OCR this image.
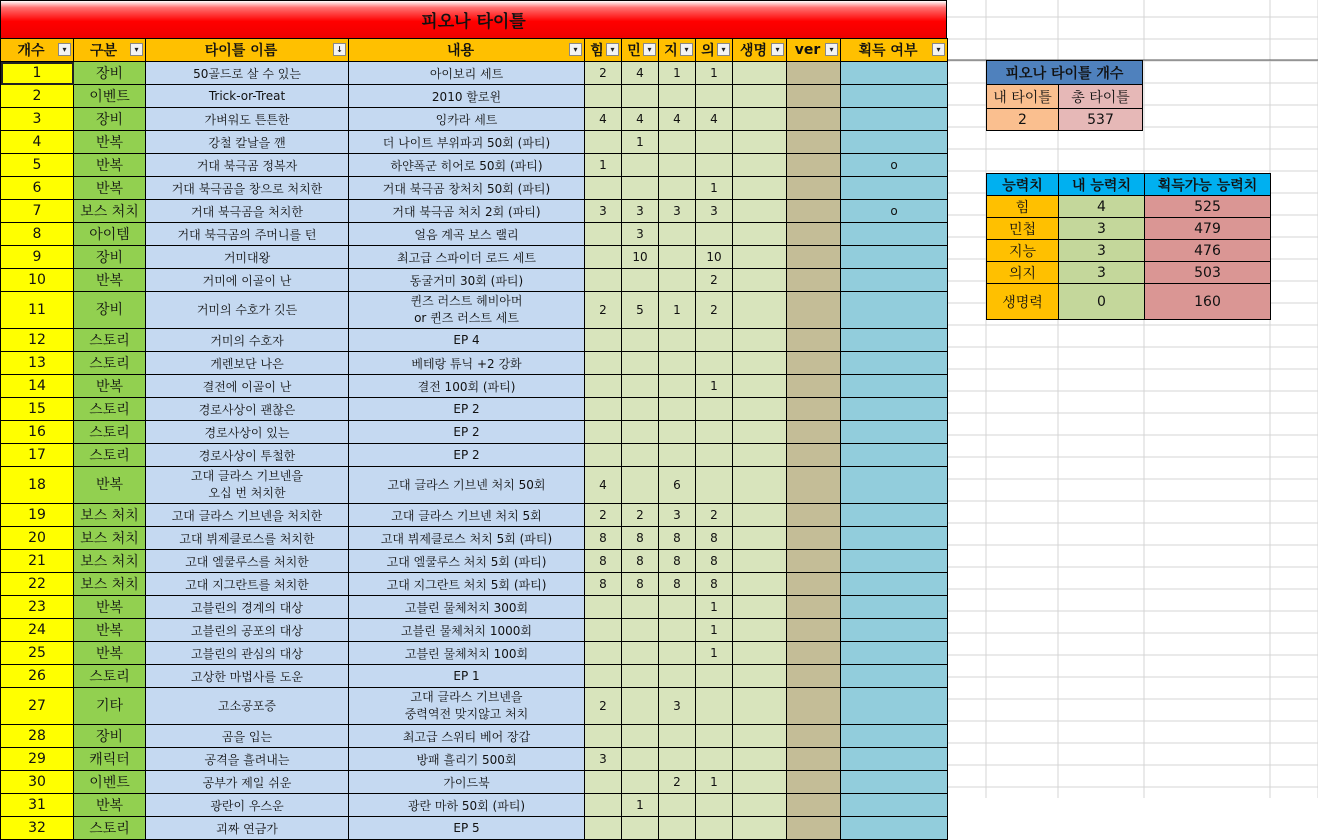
피오나 타이틀
개수 ▾	구분 ▾	타이틀 이름 ↓	내용 ▾	힘 ▾	민 ▾	지 ▾	의 ▾	생명 ▾	ver ▾	획득 여부 ▾

1	장비	50골드로 살 수 있는	아이보리 세트	2	4	1	1			
2	이벤트	Trick-or-Treat	2010 할로윈							
3	장비	가벼워도 튼튼한	잉카라 세트	4	4	4	4			
4	반복	강철 칼날을 깬	더 나이트 부위파괴 50회 (파티)		1					
5	반복	거대 북극곰 정복자	하얀폭군 히어로 50회 (파티)	1						o
6	반복	거대 북극곰을 창으로 처치한	거대 북극곰 창처치 50회 (파티)				1			
7	보스 처치	거대 북극곰을 처치한	거대 북극곰 처치 2회 (파티)	3	3	3	3			o
8	아이템	거대 북극곰의 주머니를 턴	얼음 계곡 보스 랠리		3					
9	장비	거미대왕	최고급 스파이더 로드 세트		10		10			
10	반복	거미에 이골이 난	동굴거미 30회 (파티)				2			
11	장비	거미의 수호가 깃든	퀸즈 러스트 헤비아머
or 퀸즈 러스트 세트	2	5	1	2			
12	스토리	거미의 수호자	EP 4							
13	스토리	게렌보단 나은	베테랑 튜닉 +2 강화							
14	반복	결전에 이골이 난	결전 100회 (파티)				1			
15	스토리	경로사상이 괜찮은	EP 2							
16	스토리	경로사상이 있는	EP 2							
17	스토리	경로사상이 투철한	EP 2							
18	반복	고대 글라스 기브넨을
오십 번 처치한	고대 글라스 기브넨 처치 50회	4		6				
19	보스 처치	고대 글라스 기브넨을 처치한	고대 글라스 기브넨 처치 5회	2	2	3	2			
20	보스 처치	고대 뷔제클로스를 처치한	고대 뷔제클로스 처치 5회 (파티)	8	8	8	8			
21	보스 처치	고대 엘쿨루스를 처치한	고대 엘쿨루스 처치 5회 (파티)	8	8	8	8			
22	보스 처치	고대 지그란트를 처치한	고대 지그란트 처치 5회 (파티)	8	8	8	8			
23	반복	고블린의 경계의 대상	고블린 물체처치 300회				1			
24	반복	고블린의 공포의 대상	고블린 물체처치 1000회				1			
25	반복	고블린의 관심의 대상	고블린 물체처치 100회				1			
26	스토리	고상한 마법사를 도운	EP 1							
27	기타	고소공포증	고대 글라스 기브넨을
중력역전 맞지않고 처치	2		3				
28	장비	곰을 입는	최고급 스위티 베어 장갑							
29	캐릭터	공격을 흘려내는	방패 흘리기 500회	3						
30	이벤트	공부가 제일 쉬운	가이드북			2	1			
31	반복	광란이 우스운	광란 마하 50회 (파티)		1					
32	스토리	괴짜 연금가	EP 5							
피오나 타이틀 개수	
내 타이틀	총 타이틀
2	537
능력치	내 능력치	획득가능 능력치
힘	4	525
민첩	3	479
지능	3	476
의지	3	503
생명력	0	160
